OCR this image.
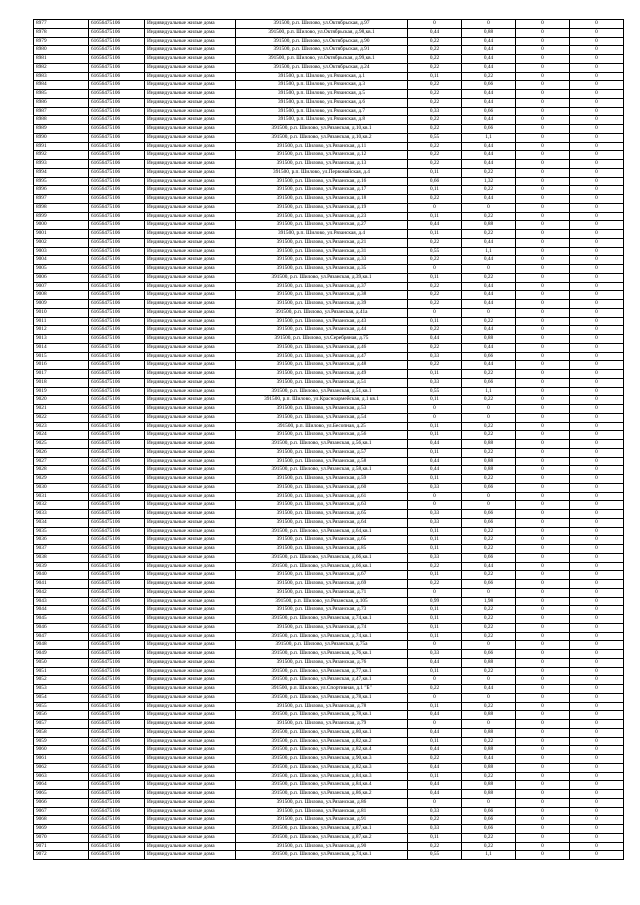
8977	61656475106	Индивидуальные жилые дома	391500, р.п. Шилово, ул.Октябрьская, д.97	0	0	0	0
8978	61656475106	Индивидуальные жилые дома	391500, р.п. Шилово, ул.Октябрьская, д.98,кв.1	0,44	0,88	0	0
8979	61656475106	Индивидуальные жилые дома	391500, р.п. Шилово, ул.Октябрьская, д.90	0,22	0,44	0	0
8980	61656475106	Индивидуальные жилые дома	391500, р.п. Шилово, ул.Октябрьская, д.91	0,22	0,44	0	0
8981	61656475106	Индивидуальные жилые дома	391500, р.п. Шилово, ул.Октябрьская, д.99,кв.1	0,22	0,44	0	0
8982	61656475106	Индивидуальные жилые дома	391500, р.п. Шилово, ул.Октябрьская, д.24	0,22	0,44	0	0
8983	61656475106	Индивидуальные жилые дома	391500, р.п. Шилово, ул.Рязанская, д.1	0,11	0,22	0	0
8984	61656475106	Индивидуальные жилые дома	391500, р.п. Шилово, ул.Рязанская, д.3	0,22	0,66	0	0
8985	61656475106	Индивидуальные жилые дома	391500, р.п. Шилово, ул.Рязанская, д.5	0,22	0,44	0	0
8986	61656475106	Индивидуальные жилые дома	391500, р.п. Шилово, ул.Рязанская, д.6	0,22	0,44	0	0
8987	61656475106	Индивидуальные жилые дома	391500, р.п. Шилово, ул.Рязанская, д.7	0,33	0,66	0	0
8988	61656475106	Индивидуальные жилые дома	391500, р.п. Шилово, ул.Рязанская, д.8	0,22	0,44	0	0
8989	61656475106	Индивидуальные жилые дома	391500, р.п. Шилово, ул.Рязанская, д.10,кв.1	0,22	0,66	0	0
8990	61656475106	Индивидуальные жилые дома	391500, р.п. Шилово, ул.Рязанская, д.10,кв.2	0,55	1,1	0	0
8991	61656475106	Индивидуальные жилые дома	391500, р.п. Шилово, ул.Рязанская, д.11	0,22	0,44	0	0
8992	61656475106	Индивидуальные жилые дома	391500, р.п. Шилово, ул.Рязанская, д.12	0,22	0,44	0	0
8993	61656475106	Индивидуальные жилые дома	391500, р.п. Шилово, ул.Рязанская, д.13	0,22	0,44	0	0
8994	61656475106	Индивидуальные жилые дома	391500, р.п. Шилово, ул.Первомайская, д.4	0,11	0,22	0	0
8995	61656475106	Индивидуальные жилые дома	391500, р.п. Шилово, ул.Рязанская, д.16	0,66	1,32	0	0
8996	61656475106	Индивидуальные жилые дома	391500, р.п. Шилово, ул.Рязанская, д.17	0,11	0,22	0	0
8997	61656475106	Индивидуальные жилые дома	391500, р.п. Шилово, ул.Рязанская, д.18	0,22	0,44	0	0
8998	61656475106	Индивидуальные жилые дома	391500, р.п. Шилово, ул.Рязанская, д.19	0	0	0	0
8999	61656475106	Индивидуальные жилые дома	391500, р.п. Шилово, ул.Рязанская, д.23	0,11	0,22	0	0
9000	61656475106	Индивидуальные жилые дома	391500, р.п. Шилово, ул.Рязанская, д.27	0,44	0,88	0	0
9001	61656475106	Индивидуальные жилые дома	391500, р.п. Шилово, ул.Рязанская, д.4	0,11	0,22	0	0
9002	61656475106	Индивидуальные жилые дома	391500, р.п. Шилово, ул.Рязанская, д.21	0,22	0,44	0	0
9003	61656475106	Индивидуальные жилые дома	391500, р.п. Шилово, ул.Рязанская, д.31	0,55	1,1	0	0
9004	61656475106	Индивидуальные жилые дома	391500, р.п. Шилово, ул.Рязанская, д.33	0,22	0,44	0	0
9005	61656475106	Индивидуальные жилые дома	391500, р.п. Шилово, ул.Рязанская, д.35	0	0	0	0
9006	61656475106	Индивидуальные жилые дома	391500, р.п. Шилово, ул.Рязанская, д.39,кв.1	0,11	0,22	0	0
9007	61656475106	Индивидуальные жилые дома	391500, р.п. Шилово, ул.Рязанская, д.37	0,22	0,44	0	0
9008	61656475106	Индивидуальные жилые дома	391500, р.п. Шилово, ул.Рязанская, д.38	0,22	0,44	0	0
9009	61656475106	Индивидуальные жилые дома	391500, р.п. Шилово, ул.Рязанская, д.39	0,22	0,44	0	0
9010	61656475106	Индивидуальные жилые дома	391500, р.п. Шилово, ул.Рязанская, д.41а	0	0	0	0
9011	61656475106	Индивидуальные жилые дома	391500, р.п. Шилово, ул.Рязанская, д.43	0,11	0,22	0	0
9012	61656475106	Индивидуальные жилые дома	391500, р.п. Шилово, ул.Рязанская, д.44	0,22	0,44	0	0
9013	61656475106	Индивидуальные жилые дома	391500, р.п. Шилово, ул.Серебряная, д.75	0,44	0,88	0	0
9014	61656475106	Индивидуальные жилые дома	391500, р.п. Шилово, ул.Рязанская, д.46	0,22	0,44	0	0
9015	61656475106	Индивидуальные жилые дома	391500, р.п. Шилово, ул.Рязанская, д.47	0,33	0,66	0	0
9016	61656475106	Индивидуальные жилые дома	391500, р.п. Шилово, ул.Рязанская, д.48	0,22	0,44	0	0
9017	61656475106	Индивидуальные жилые дома	391500, р.п. Шилово, ул.Рязанская, д.49	0,11	0,22	0	0
9018	61656475106	Индивидуальные жилые дома	391500, р.п. Шилово, ул.Рязанская, д.51	0,33	0,66	0	0
9019	61656475106	Индивидуальные жилые дома	391500, р.п. Шилово, ул.Рязанская, д.51,кв.1	0,55	1,1	0	0
9020	61656475106	Индивидуальные жилые дома	391500, р.п. Шилово, ул.Красноармейская, д.1 кв.1	0,11	0,22	0	0
9021	61656475106	Индивидуальные жилые дома	391500, р.п. Шилово, ул.Рязанская, д.53	0	0	0	0
9022	61656475106	Индивидуальные жилые дома	391500, р.п. Шилово, ул.Рязанская, д.54	0	0	0	0
9023	61656475106	Индивидуальные жилые дома	391500, р.п. Шилово, ул.Бесопная, д.25	0,11	0,22	0	0
9024	61656475106	Индивидуальные жилые дома	391500, р.п. Шилово, ул.Рязанская, д.56	0,11	0,22	0	0
9025	61656475106	Индивидуальные жилые дома	391500, р.п. Шилово, ул.Рязанская, д.56,кв.1	0,44	0,88	0	0
9026	61656475106	Индивидуальные жилые дома	391500, р.п. Шилово, ул.Рязанская, д.57	0,11	0,22	0	0
9027	61656475106	Индивидуальные жилые дома	391500, р.п. Шилово, ул.Рязанская, д.58	0,44	0,88	0	0
9028	61656475106	Индивидуальные жилые дома	391500, р.п. Шилово, ул.Рязанская, д.58,кв.1	0,44	0,88	0	0
9029	61656475106	Индивидуальные жилые дома	391500, р.п. Шилово, ул.Рязанская, д.59	0,11	0,22	0	0
9030	61656475106	Индивидуальные жилые дома	391500, р.п. Шилово, ул.Рязанская, д.60	0,33	0,66	0	0
9031	61656475106	Индивидуальные жилые дома	391500, р.п. Шилово, ул.Рязанская, д.61	0	0	0	0
9032	61656475106	Индивидуальные жилые дома	391500, р.п. Шилово, ул.Рязанская, д.63	0	0	0	0
9033	61656475106	Индивидуальные жилые дома	391500, р.п. Шилово, ул.Рязанская, д.65	0,33	0,66	0	0
9034	61656475106	Индивидуальные жилые дома	391500, р.п. Шилово, ул.Рязанская, д.64	0,33	0,66	0	0
9035	61656475106	Индивидуальные жилые дома	391500, р.п. Шилово, ул.Рязанская, д.64,кв.1	0,11	0,22	0	0
9036	61656475106	Индивидуальные жилые дома	391500, р.п. Шилово, ул.Рязанская, д.65	0,11	0,22	0	0
9037	61656475106	Индивидуальные жилые дома	391500, р.п. Шилово, ул.Рязанская, д.85	0,11	0,22	0	0
9038	61656475106	Индивидуальные жилые дома	391500, р.п. Шилово, ул.Рязанская, д.66,кв.1	0,33	0,66	0	0
9039	61656475106	Индивидуальные жилые дома	391500, р.п. Шилово, ул.Рязанская, д.66,кв.1	0,22	0,44	0	0
9040	61656475106	Индивидуальные жилые дома	391500, р.п. Шилово, ул.Рязанская, д.67	0,11	0,22	0	0
9041	61656475106	Индивидуальные жилые дома	391500, р.п. Шилово, ул.Рязанская, д.69	0,22	0,66	0	0
9042	61656475106	Индивидуальные жилые дома	391500, р.п. Шилово, ул.Рязанская, д.71	0	0	0	0
9043	61656475106	Индивидуальные жилые дома	391500, р.п. Шилово, ул.Рязанская, д.105	0,99	1,98	0	0
9044	61656475106	Индивидуальные жилые дома	391500, р.п. Шилово, ул.Рязанская, д.73	0,11	0,22	0	0
9045	61656475106	Индивидуальные жилые дома	391500, р.п. Шилово, ул.Рязанская, д.74,кв.1	0,11	0,22	0	0
9046	61656475106	Индивидуальные жилые дома	391500, р.п. Шилово, ул.Рязанская, д.74	0,11	0,22	0	0
9047	61656475106	Индивидуальные жилые дома	391500, р.п. Шилово, ул.Рязанская, д.74,кв.1	0,11	0,22	0	0
9048	61656475106	Индивидуальные жилые дома	391500, р.п. Шилово, ул.Рязанская, д.75а	0	0	0	0
9049	61656475106	Индивидуальные жилые дома	391500, р.п. Шилово, ул.Рязанская, д.76,кв.1	0,33	0,66	0	0
9050	61656475106	Индивидуальные жилые дома	391500, р.п. Шилово, ул.Рязанская, д.76	0,44	0,88	0	0
9051	61656475106	Индивидуальные жилые дома	391500, р.п. Шилово, ул.Рязанская, д.77,кв.1	0,11	0,22	0	0
9052	61656475106	Индивидуальные жилые дома	391500, р.п. Шилово, ул.Рязанская, д.47,кв.1	0	0	0	0
9053	61656475106	Индивидуальные жилые дома	391500, р.п. Шилово, ул.Спортивная, д.1 "Б"	0,22	0,44	0	0
9054	61656475106	Индивидуальные жилые дома	391500, р.п. Шилово, ул.Рязанская, д.78,кв.1	0	0	0	0
9055	61656475106	Индивидуальные жилые дома	391500, р.п. Шилово, ул.Рязанская, д.78	0,11	0,22	0	0
9056	61656475106	Индивидуальные жилые дома	391500, р.п. Шилово, ул.Рязанская, д.78,кв.1	0,44	0,88	0	0
9057	61656475106	Индивидуальные жилые дома	391500, р.п. Шилово, ул.Рязанская, д.79	0	0	0	0
9058	61656475106	Индивидуальные жилые дома	391500, р.п. Шилово, ул.Рязанская, д.80,кв.1	0,44	0,88	0	0
9059	61656475106	Индивидуальные жилые дома	391500, р.п. Шилово, ул.Рязанская, д.82,кв.2	0,11	0,22	0	0
9060	61656475106	Индивидуальные жилые дома	391500, р.п. Шилово, ул.Рязанская, д.82,кв.4	0,44	0,88	0	0
9061	61656475106	Индивидуальные жилые дома	391500, р.п. Шилово, ул.Рязанская, д.90,кв.3	0,22	0,44	0	0
9062	61656475106	Индивидуальные жилые дома	391500, р.п. Шилово, ул.Рязанская, д.82,кв.3	0,44	0,88	0	0
9063	61656475106	Индивидуальные жилые дома	391500, р.п. Шилово, ул.Рязанская, д.84,кв.3	0,11	0,22	0	0
9064	61656475106	Индивидуальные жилые дома	391500, р.п. Шилово, ул.Рязанская, д.84,кв.4	0,44	0,88	0	0
9065	61656475106	Индивидуальные жилые дома	391500, р.п. Шилово, ул.Рязанская, д.86,кв.2	0,44	0,88	0	0
9066	61656475106	Индивидуальные жилые дома	391500, р.п. Шилово, ул.Рязанская, д.86	0	0	0	0
9067	61656475106	Индивидуальные жилые дома	391500, р.п. Шилово, ул.Рязанская, д.81	0,33	0,66	0	0
9068	61656475106	Индивидуальные жилые дома	391500, р.п. Шилово, ул.Рязанская, д.91	0,22	0,66	0	0
9069	61656475106	Индивидуальные жилые дома	391500, р.п. Шилово, ул.Рязанская, д.87,кв.1	0,33	0,66	0	0
9070	61656475106	Индивидуальные жилые дома	391500, р.п. Шилово, ул.Рязанская, д.87,кв.2	0,11	0,22	0	0
9071	61656475106	Индивидуальные жилые дома	391500, р.п. Шилово, ул.Рязанская, д.90	0,22	0,22	0	0
9072	61656475106	Индивидуальные жилые дома	391500, р.п. Шилово, ул.Рязанская, д.74,кв.1	0,55	1,1	0	0
